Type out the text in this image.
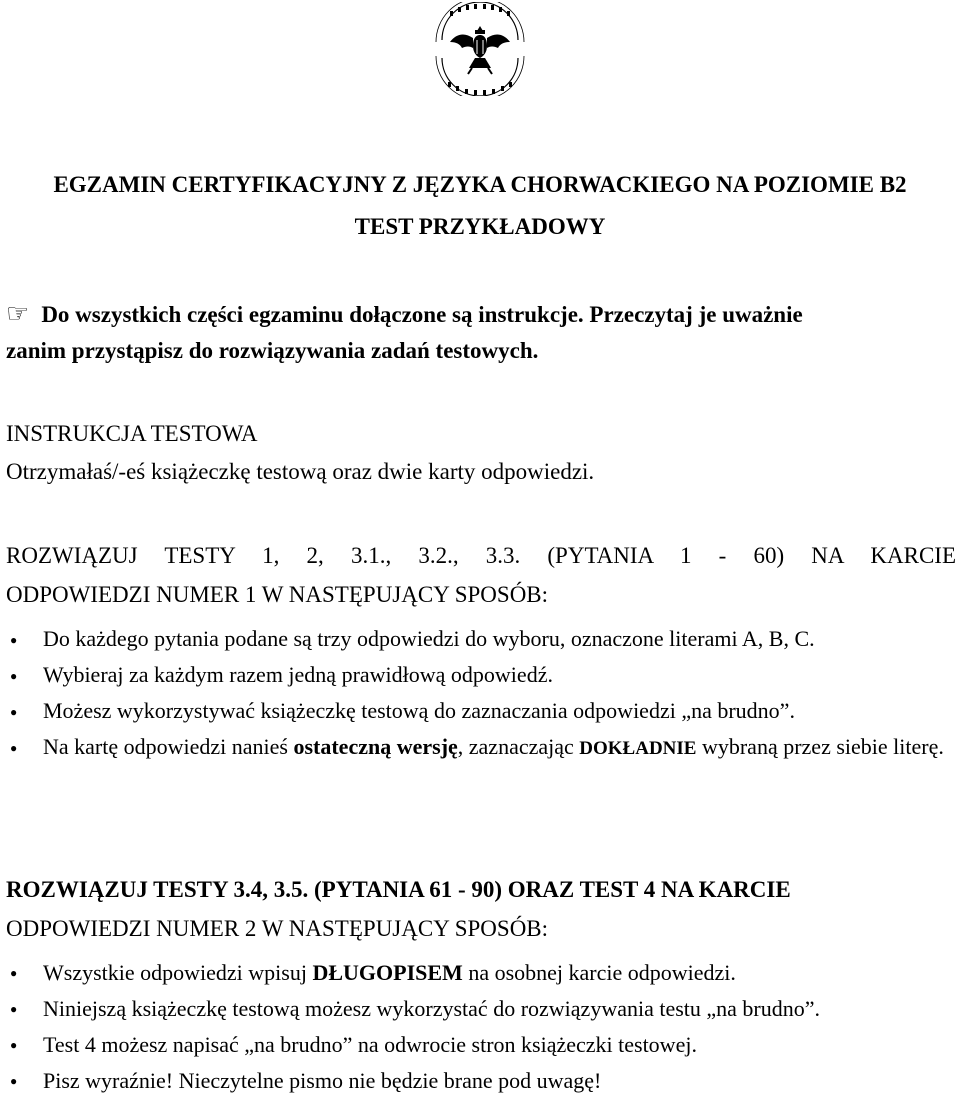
EGZAMIN CERTYFIKACYJNY Z JĘZYKA CHORWACKIEGO NA POZIOMIE B2
TEST PRZYKŁADOWY

☞ Do wszystkich części egzaminu dołączone są instrukcje. Przeczytaj je uważnie
zanim przystąpisz do rozwiązywania zadań testowych.

INSTRUKCJA TESTOWA

Otrzymałaś/-eś książeczkę testową oraz dwie karty odpowiedzi.

ROZWIĄZUJ TESTY 1, 2, 3.1., 3.2., 3.3. (PYTANIA 1 - 60) NA KARCIE

ODPOWIEDZI NUMER 1 W NASTĘPUJĄCY SPOSÓB:

● Do każdego pytania podane są trzy odpowiedzi do wyboru, oznaczone literami A, B, C.
● Wybieraj za każdym razem jedną prawidłową odpowiedź.
● Możesz wykorzystywać książeczkę testową do zaznaczania odpowiedzi „na brudno”.
● Na kartę odpowiedzi nanieś ostateczną wersję, zaznaczając DOKŁADNIE wybraną przez siebie literę.

ROZWIĄZUJ TESTY 3.4, 3.5. (PYTANIA 61 - 90) ORAZ TEST 4 NA KARCIE

ODPOWIEDZI NUMER 2 W NASTĘPUJĄCY SPOSÓB:

● Wszystkie odpowiedzi wpisuj DŁUGOPISEM na osobnej karcie odpowiedzi.
● Niniejszą książeczkę testową możesz wykorzystać do rozwiązywania testu „na brudno”.
● Test 4 możesz napisać „na brudno” na odwrocie stron książeczki testowej.
● Pisz wyraźnie! Nieczytelne pismo nie będzie brane pod uwagę!
